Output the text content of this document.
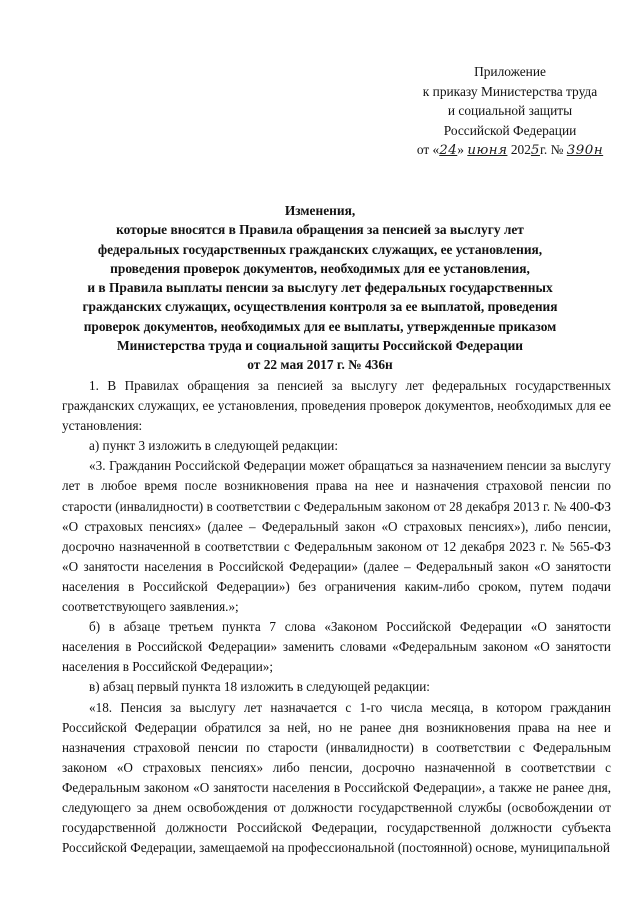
Приложение
к приказу Министерства труда
и социальной защиты
Российской Федерации
от «24» июня 2025г. № 390н
Изменения,
которые вносятся в Правила обращения за пенсией за выслугу лет
федеральных государственных гражданских служащих, ее установления,
проведения проверок документов, необходимых для ее установления,
и в Правила выплаты пенсии за выслугу лет федеральных государственных
гражданских служащих, осуществления контроля за ее выплатой, проведения
проверок документов, необходимых для ее выплаты, утвержденные приказом
Министерства труда и социальной защиты Российской Федерации
от 22 мая 2017 г. № 436н

1. В Правилах обращения за пенсией за выслугу лет федеральных государственных гражданских служащих, ее установления, проведения проверок документов, необходимых для ее установления:

а) пункт 3 изложить в следующей редакции:

«3. Гражданин Российской Федерации может обращаться за назначением пенсии за выслугу лет в любое время после возникновения права на нее и назначения страховой пенсии по старости (инвалидности) в соответствии с Федеральным законом от 28 декабря 2013 г. № 400-ФЗ «О страховых пенсиях» (далее – Федеральный закон «О страховых пенсиях»), либо пенсии, досрочно назначенной в соответствии с Федеральным законом от 12 декабря 2023 г. № 565-ФЗ «О занятости населения в Российской Федерации» (далее – Федеральный закон «О занятости населения в Российской Федерации») без ограничения каким-либо сроком, путем подачи соответствующего заявления.»;

б) в абзаце третьем пункта 7 слова «Законом Российской Федерации «О занятости населения в Российской Федерации» заменить словами «Федеральным законом «О занятости населения в Российской Федерации»;

в) абзац первый пункта 18 изложить в следующей редакции:

«18. Пенсия за выслугу лет назначается с 1-го числа месяца, в котором гражданин Российской Федерации обратился за ней, но не ранее дня возникновения права на нее и назначения страховой пенсии по старости (инвалидности) в соответствии с Федеральным законом «О страховых пенсиях» либо пенсии, досрочно назначенной в соответствии с Федеральным законом «О занятости населения в Российской Федерации», а также не ранее дня, следующего за днем освобождения от должности государственной службы (освобождении от государственной должности Российской Федерации, государственной должности субъекта Российской Федерации, замещаемой на профессиональной (постоянной) основе, муниципальной
